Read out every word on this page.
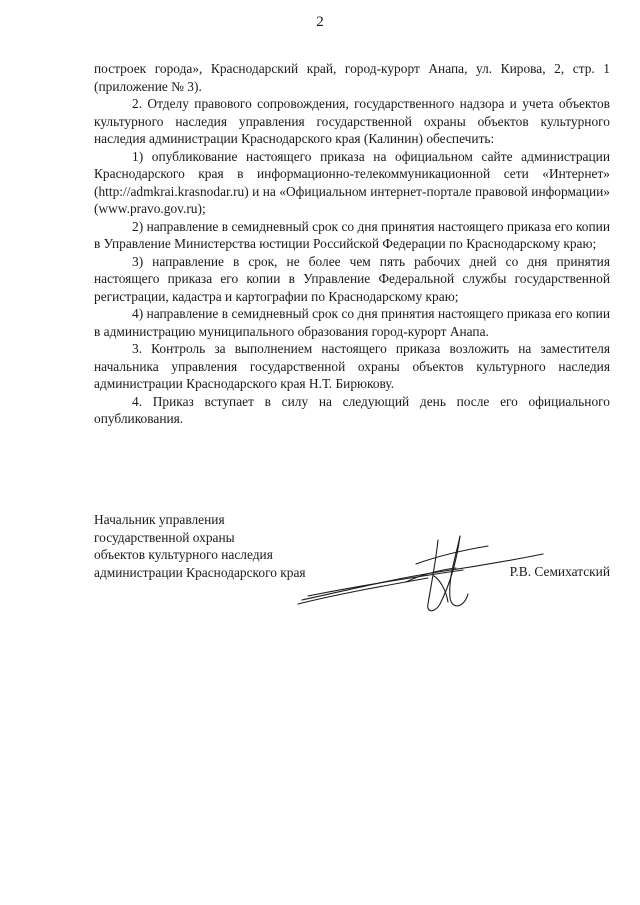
2

построек города», Краснодарский край, город-курорт Анапа, ул. Кирова, 2, стр. 1 (приложение № 3).

2. Отделу правового сопровождения, государственного надзора и учета объектов культурного наследия управления государственной охраны объектов культурного наследия администрации Краснодарского края (Калинин) обеспечить:

1) опубликование настоящего приказа на официальном сайте администрации Краснодарского края в информационно-телекоммуникационной сети «Интернет» (http://admkrai.krasnodar.ru) и на «Официальном интернет-портале правовой информации» (www.pravo.gov.ru);

2) направление в семидневный срок со дня принятия настоящего приказа его копии в Управление Министерства юстиции Российской Федерации по Краснодарскому краю;

3) направление в срок, не более чем пять рабочих дней со дня принятия настоящего приказа его копии в Управление Федеральной службы государственной регистрации, кадастра и картографии по Краснодарскому краю;

4) направление в семидневный срок со дня принятия настоящего приказа его копии в администрацию муниципального образования город-курорт Анапа.

3. Контроль за выполнением настоящего приказа возложить на заместителя начальника управления государственной охраны объектов культурного наследия администрации Краснодарского края Н.Т. Бирюкову.

4. Приказ вступает в силу на следующий день после его официального опубликования.

Начальник управления
государственной охраны
объектов культурного наследия
администрации Краснодарского края	Р.В. Семихатский
